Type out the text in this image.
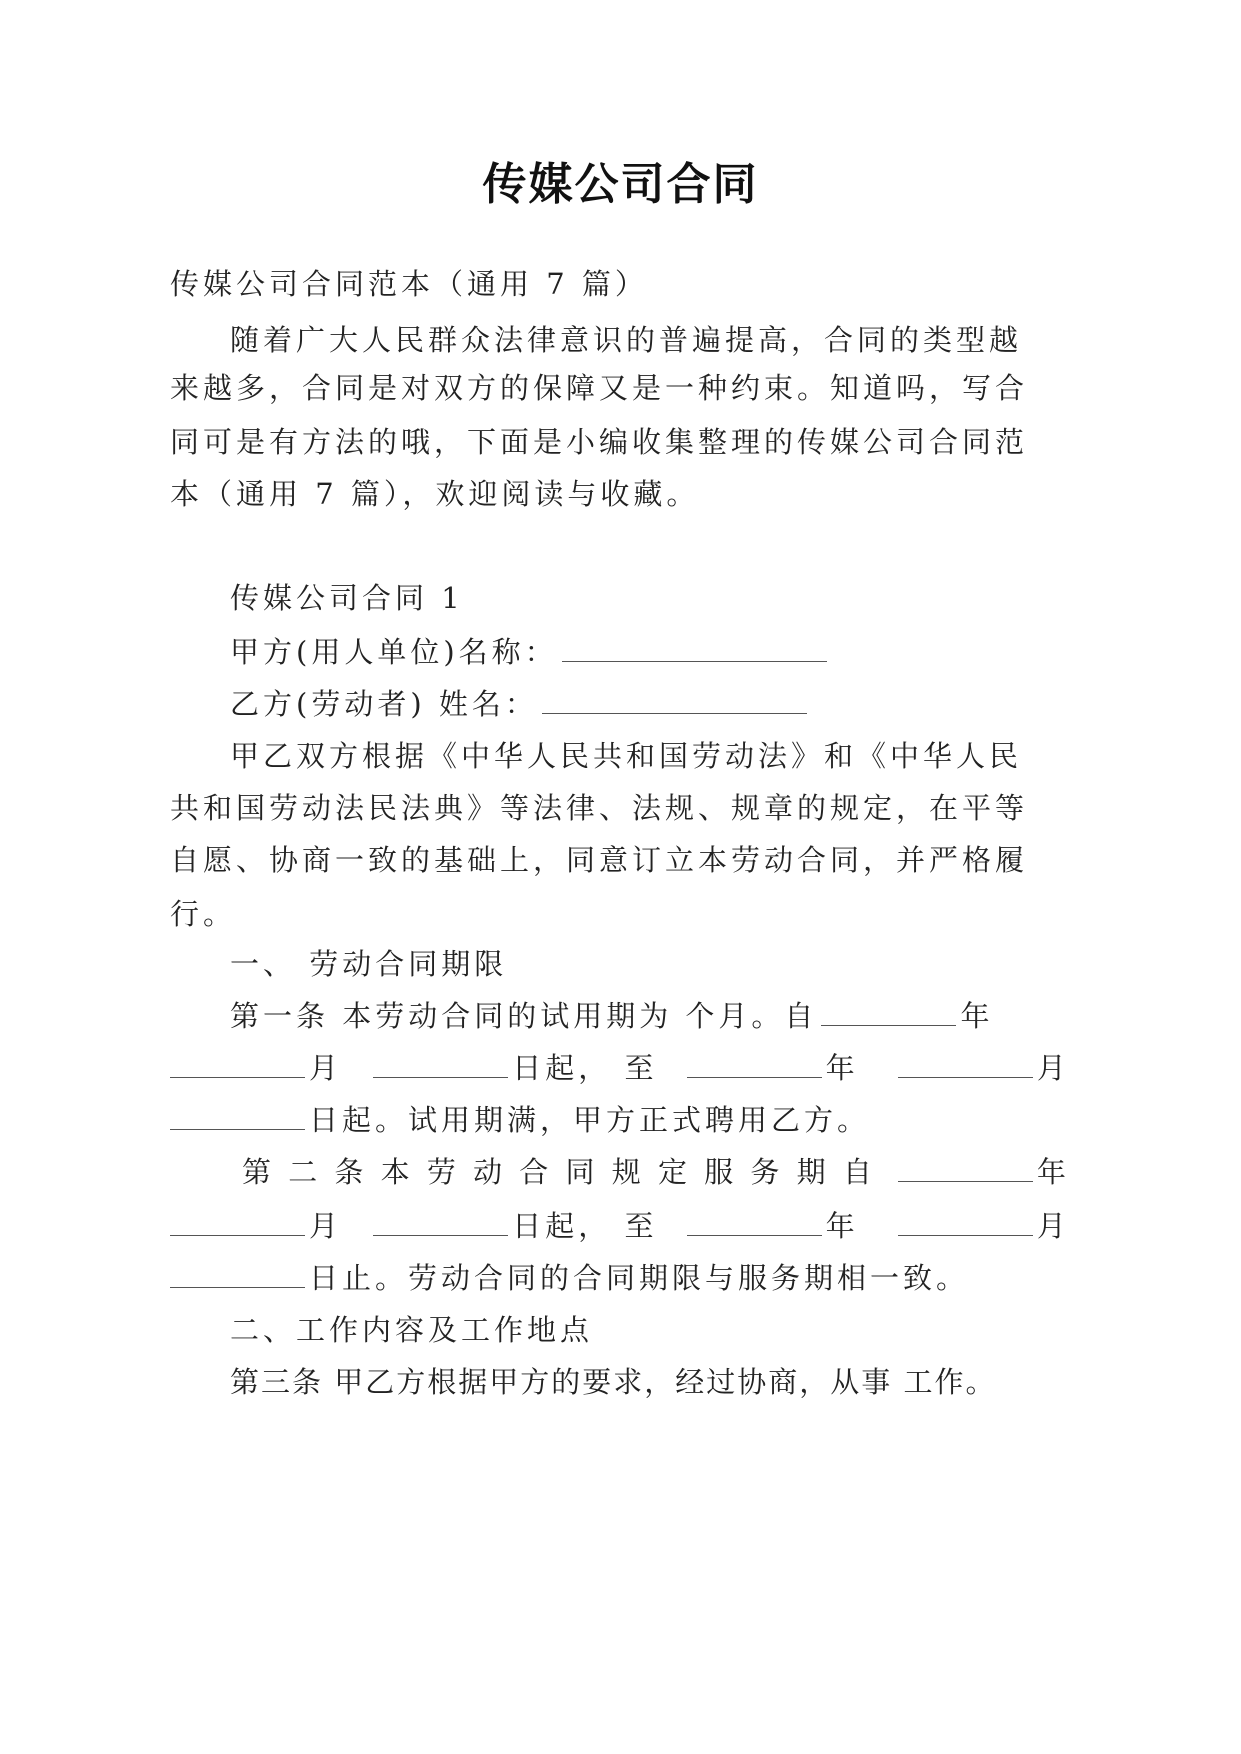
传媒公司合同
传媒公司合同范本（通用 7 篇）
随着广大人民群众法律意识的普遍提高，合同的类型越
来越多，合同是对双方的保障又是一种约束。知道吗，写合
同可是有方法的哦，下面是小编收集整理的传媒公司合同范
本（通用 7 篇），欢迎阅读与收藏。
传媒公司合同 1
甲方(用人单位)名称：
乙方(劳动者) 姓名：
甲乙双方根据《中华人民共和国劳动法》和《中华人民
共和国劳动法民法典》等法律、法规、规章的规定，在平等
自愿、协商一致的基础上，同意订立本劳动合同，并严格履
行。
一、 劳动合同期限
第一条 本劳动合同的试用期为 个月。自	年
月	日起， 至	年	月
日起。试用期满，甲方正式聘用乙方。
第 二 条 本 劳 动 合 同 规 定 服 务 期 自	年
月	日起， 至	年	月
日止。劳动合同的合同期限与服务期相一致。
二、工作内容及工作地点
第三条 甲乙方根据甲方的要求，经过协商，从事 工作。
